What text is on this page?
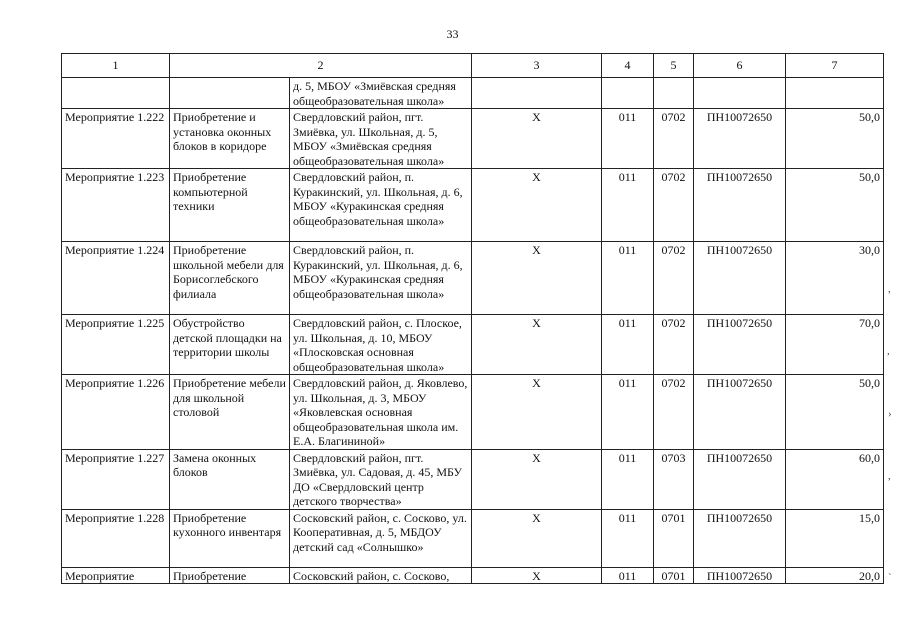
33
1	2		3	4	5	6	7
		д. 5, МБОУ «Змиёвская средняя общеобразовательная школа»					
Мероприятие 1.222	Приобретение и установка оконных блоков в коридоре	Свердловский район, пгт. Змиёвка, ул. Школьная, д. 5, МБОУ «Змиёвская средняя общеобразовательная школа»	Х	011	0702	ПН10072650	50,0
Мероприятие 1.223	Приобретение компьютерной техники	Свердловский район, п. Куракинский, ул. Школьная, д. 6, МБОУ «Куракинская средняя общеобразовательная школа»	Х	011	0702	ПН10072650	50,0
Мероприятие 1.224	Приобретение школьной мебели для Борисоглебского филиала	Свердловский район, п. Куракинский, ул. Школьная, д. 6, МБОУ «Куракинская средняя общеобразовательная школа»	Х	011	0702	ПН10072650	30,0
Мероприятие 1.225	Обустройство детской площадки на территории школы	Свердловский район, с. Плоское, ул. Школьная, д. 10, МБОУ «Плосковская основная общеобразовательная школа»	Х	011	0702	ПН10072650	70,0
Мероприятие 1.226	Приобретение мебели для школьной столовой	Свердловский район, д. Яковлево, ул. Школьная, д. 3, МБОУ «Яковлевская основная общеобразовательная школа им. Е.А. Благининой»	Х	011	0702	ПН10072650	50,0
Мероприятие 1.227	Замена оконных блоков	Свердловский район, пгт. Змиёвка, ул. Садовая, д. 45, МБУ ДО «Свердловский центр детского творчества»	Х	011	0703	ПН10072650	60,0
Мероприятие 1.228	Приобретение кухонного инвентаря	Сосковский район, с. Сосково, ул. Кооперативная, д. 5, МБДОУ детский сад «Солнышко»	Х	011	0701	ПН10072650	15,0
Мероприятие	Приобретение	Сосковский район, с. Сосково,	Х	011	0701	ПН10072650	20,0
,
,
›
,
`
